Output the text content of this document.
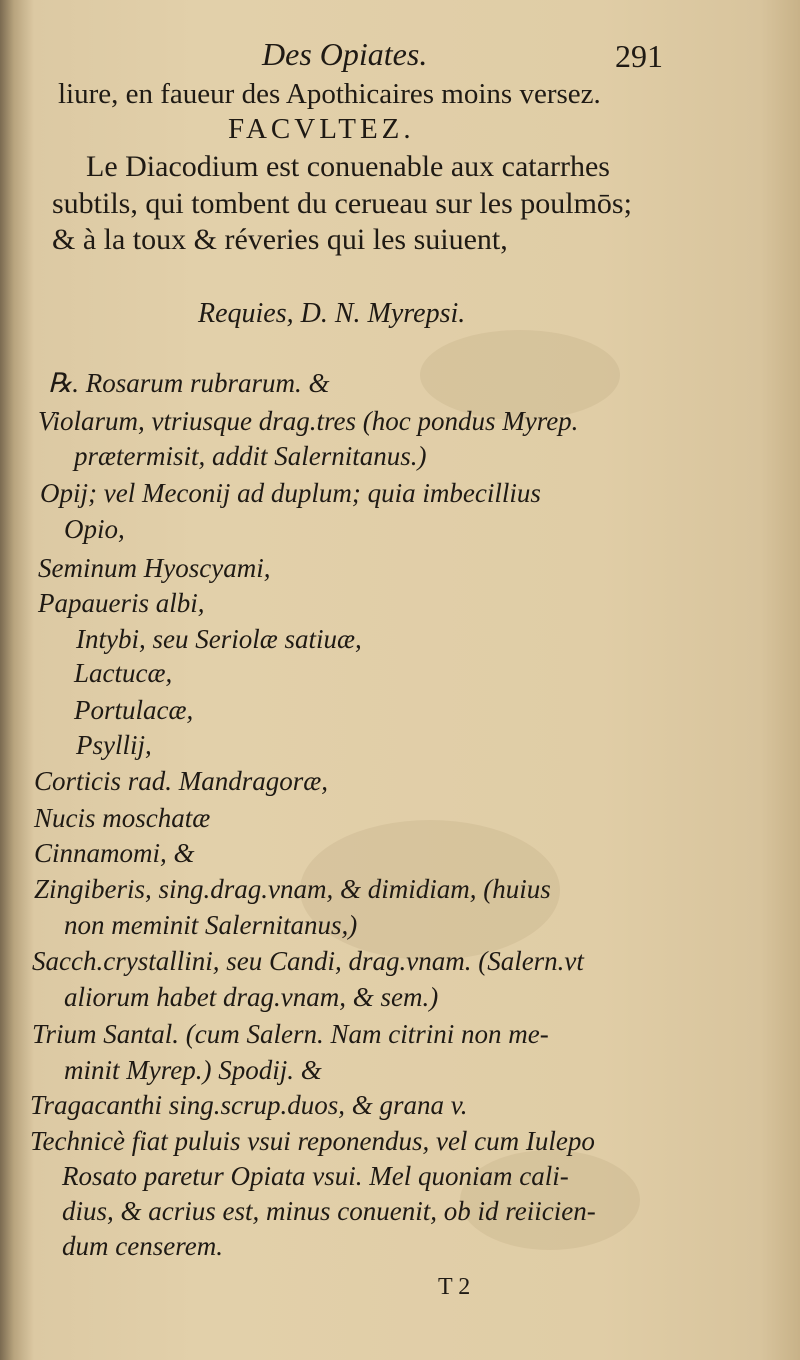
Des Opiates.	291
liure, en faueur des Apothicaires moins versez.
FACVLTEZ.
Le Diacodium est conuenable aux catarrhes
subtils, qui tombent du cerueau sur les poulmōs;
& à la toux & réveries qui les suiuent,
Requies, D. N. Myrepsi.
℞. Rosarum rubrarum. &
Violarum, vtriusque drag.tres (hoc pondus Myrep.
prætermisit, addit Salernitanus.)
Opij; vel Meconij ad duplum; quia imbecillius
Opio,
Seminum Hyoscyami,
Papaueris albi,
Intybi, seu Seriolæ satiuæ,
Lactucæ,
Portulacæ,
Psyllij,
Corticis rad. Mandragoræ,
Nucis moschatæ
Cinnamomi, &
Zingiberis, sing.drag.vnam, & dimidiam, (huius
non meminit Salernitanus,)
Sacch.crystallini, seu Candi, drag.vnam. (Salern.vt
aliorum habet drag.vnam, & sem.)
Trium Santal. (cum Salern. Nam citrini non me-
minit Myrep.) Spodij. &
Tragacanthi sing.scrup.duos, & grana v.
Technicè fiat puluis vsui reponendus, vel cum Iulepo
Rosato paretur Opiata vsui. Mel quoniam cali-
dius, & acrius est, minus conuenit, ob id reiicien-
dum censerem.
T 2
